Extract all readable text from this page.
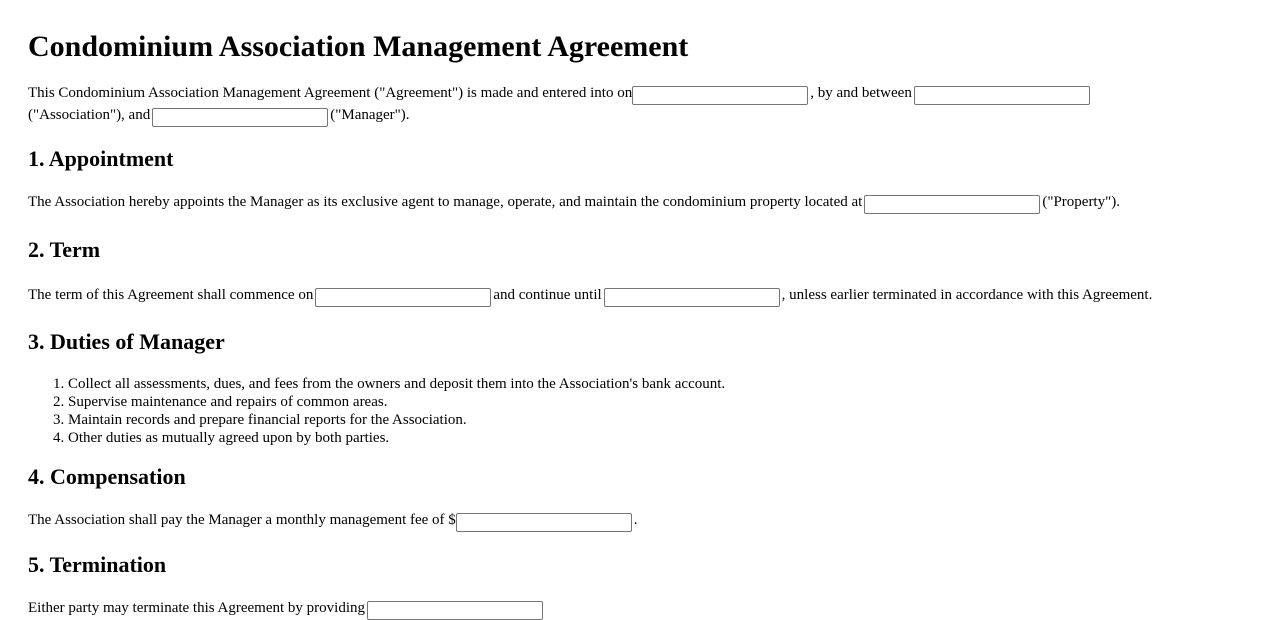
Condominium Association Management Agreement

This Condominium Association Management Agreement ("Agreement") is made and entered into on	, by and between
("Association"), and	("Manager").

1. Appointment

The Association hereby appoints the Manager as its exclusive agent to manage, operate, and maintain the condominium property located at	("Property").

2. Term

The term of this Agreement shall commence on	and continue until	, unless earlier terminated in accordance with this Agreement.

3. Duties of Manager
1. Collect all assessments, dues, and fees from the owners and deposit them into the Association's bank account.
2. Supervise maintenance and repairs of common areas.
3. Maintain records and prepare financial reports for the Association.
4. Other duties as mutually agreed upon by both parties.
4. Compensation

The Association shall pay the Manager a monthly management fee of $	.

5. Termination

Either party may terminate this Agreement by providing
